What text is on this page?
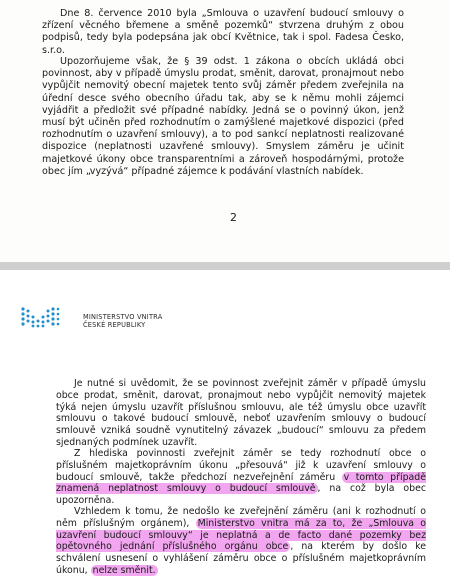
Dne 8. července 2010 byla „Smlouva o uzavření budoucí smlouvy o zřízení věcného břemene a směně pozemků“ stvrzena druhým z obou podpisů, tedy byla podepsána jak obcí Květnice, tak i spol. Fadesa Česko, s.r.o.

Upozorňujeme však, že § 39 odst. 1 zákona o obcích ukládá obci povinnost, aby v případě úmyslu prodat, směnit, darovat, pronajmout nebo vypůjčit nemovitý obecní majetek tento svůj záměr předem zveřejnila na úřední desce svého obecního úřadu tak, aby se k němu mohli zájemci vyjádřit a předložit své případné nabídky. Jedná se o povinný úkon, jenž musí být učiněn před rozhodnutím o zamýšlené majetkové dispozici (před rozhodnutím o uzavření smlouvy), a to pod sankcí neplatnosti realizované dispozice (neplatnosti uzavřené smlouvy). Smyslem záměru je učinit majetkové úkony obce transparentními a zároveň hospodárnými, protože obec jím „vyzývá“ případné zájemce k podávání vlastních nabídek.

2
MINISTERSTVO VNITRA
ČESKÉ REPUBLIKY

Je nutné si uvědomit, že se povinnost zveřejnit záměr v případě úmyslu obce prodat, směnit, darovat, pronajmout nebo vypůjčit nemovitý majetek týká nejen úmyslu uzavřít příslušnou smlouvu, ale též úmyslu obce uzavřít smlouvu o takové budoucí smlouvě, neboť uzavřením smlouvy o budoucí smlouvě vzniká soudně vynutitelný závazek „budoucí“ smlouvu za předem sjednaných podmínek uzavřít.

Z hlediska povinnosti zveřejnit záměr se tedy rozhodnutí obce o příslušném majetkoprávním úkonu „přesouvá“ již k uzavření smlouvy o budoucí smlouvě, takže předchozí nezveřejnění záměru v tomto případě znamená neplatnost smlouvy o budoucí smlouvě , na což byla obec upozorněna.

Vzhledem k tomu, že nedošlo ke zveřejnění záměru (ani k rozhodnutí o něm příslušným orgánem), Ministerstvo vnitra má za to, že „Smlouva o uzavření budoucí smlouvy“ je neplatná a de facto dané pozemky bez opětovného jednání příslušného orgánu obce , na kterém by došlo ke schválení usnesení o vyhlášení záměru obce o příslušném majetkoprávním úkonu, nelze směnit.
